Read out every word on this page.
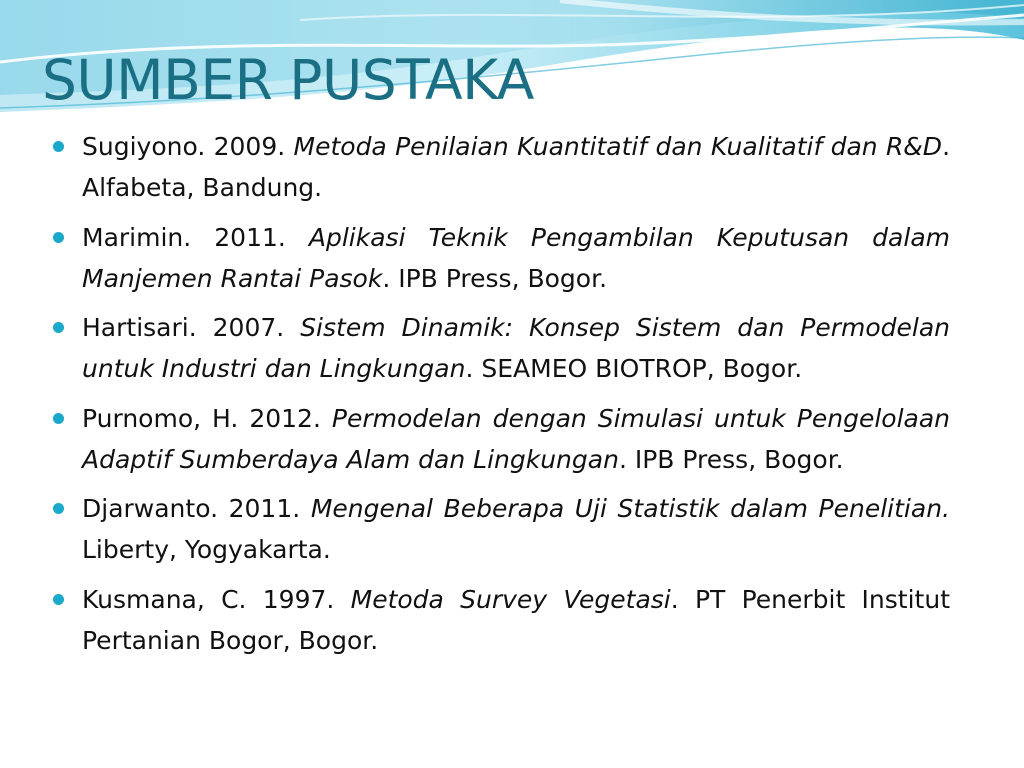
SUMBER PUSTAKA
Sugiyono. 2009. Metoda Penilaian Kuantitatif dan Kualitatif dan R&D. Alfabeta, Bandung.
Marimin. 2011. Aplikasi Teknik Pengambilan Keputusan dalam Manjemen Rantai Pasok. IPB Press, Bogor.
Hartisari. 2007. Sistem Dinamik: Konsep Sistem dan Permodelan untuk Industri dan Lingkungan. SEAMEO BIOTROP, Bogor.
Purnomo, H. 2012. Permodelan dengan Simulasi untuk Pengelolaan Adaptif Sumberdaya Alam dan Lingkungan. IPB Press, Bogor.
Djarwanto. 2011. Mengenal Beberapa Uji Statistik dalam Penelitian. Liberty, Yogyakarta.
Kusmana, C. 1997. Metoda Survey Vegetasi. PT Penerbit Institut Pertanian Bogor, Bogor.
